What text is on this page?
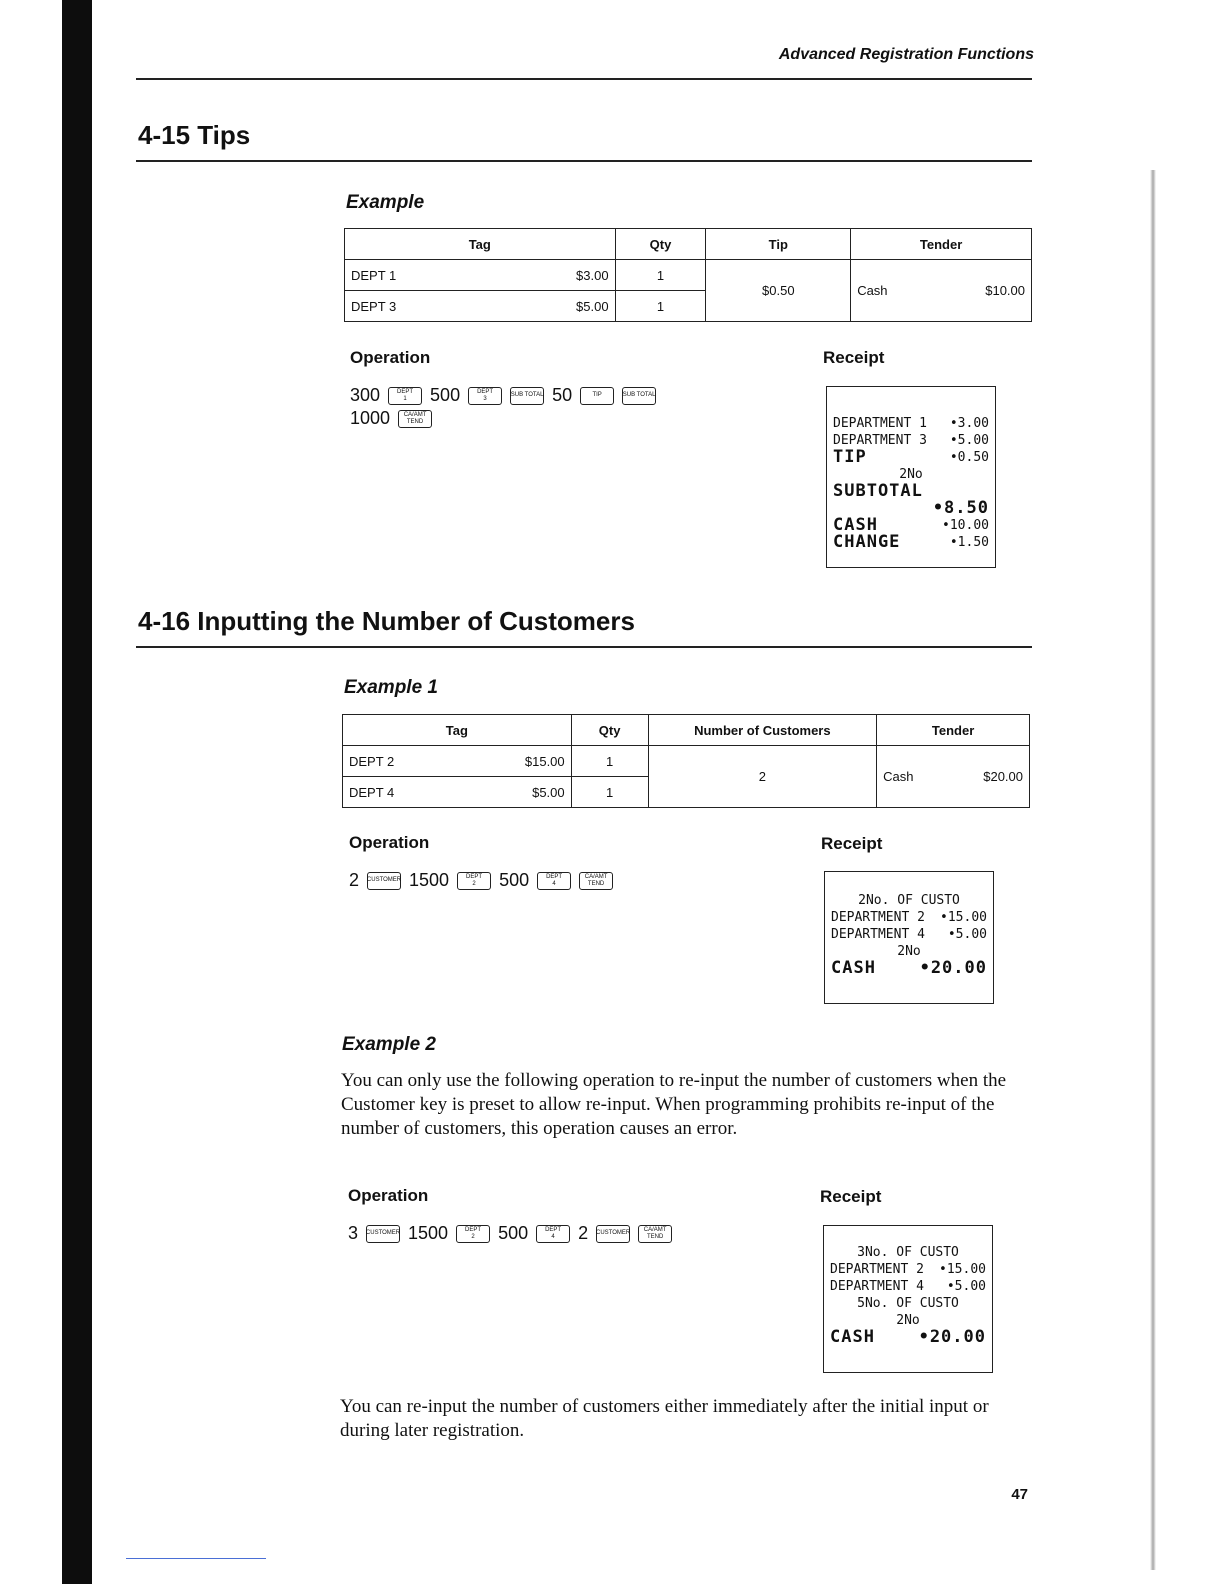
Advanced Registration Functions
4-15 Tips
Example
Tag	Qty	Tip	Tender

DEPT 1 $3.00	1	$0.50	Cash $10.00

DEPT 3 $5.00	1		
Operation	Receipt
300	DEPT
1	500	DEPT
3
SUB TOTAL 50	TIP	SUB TOTAL
1000 CA/AMT
TEND	DEPARTMENT 1 •3.00
DEPARTMENT 3 •5.00
TIP	•0.50
2No
SUBTOTAL
•8.50
CASH	•10.00
CHANGE	•1.50
4-16 Inputting the Number of Customers
Example 1
Tag	Qty	Number of Customers	Tender

DEPT 2 $15.00	1	2	Cash $20.00

DEPT 4 $5.00	1		
Operation	Receipt
2 CUSTOMER 1500	DEPT
2	500	DEPT
4
CA/AMT
TEND
2No. OF CUSTO
DEPARTMENT 2 •15.00
DEPARTMENT 4 •5.00
2No
CASH	•20.00
Example 2
You can only use the following operation to re-input the number of customers when the Customer key is preset to allow re-input. When programming prohibits re-input of the number of customers, this operation causes an error.
Operation	Receipt
3 CUSTOMER 1500	DEPT
2	500	DEPT
4	2 CUSTOMER
CA/AMT
TEND
3No. OF CUSTO
DEPARTMENT 2 •15.00
DEPARTMENT 4 •5.00
5No. OF CUSTO
2No
CASH	•20.00
You can re-input the number of customers either immediately after the initial input or during later registration.
47
